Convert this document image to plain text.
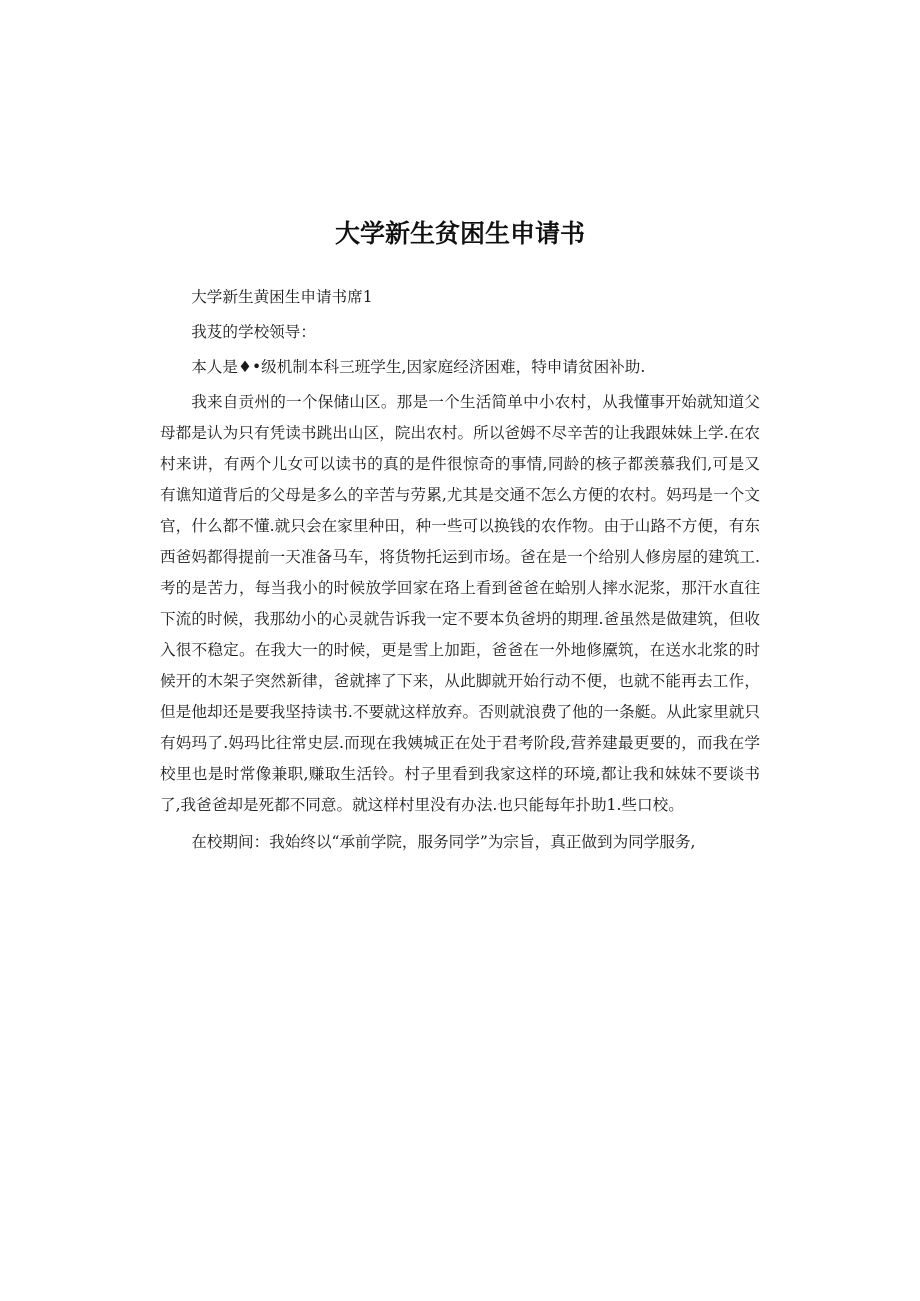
大学新生贫困生申请书

大学新生黄困生申请书席1

我芨的学校领导：

本人是♦•级机制本科三班学生,因家庭经济困难，特申请贫困补助.

我来自贡州的一个保储山区。那是一个生活简单中小农村，从我懂事开始就知道父母都是认为只有凭读书跳出山区，院出农村。所以爸姆不尽辛苦的让我跟妹妹上学.在农村来讲，有两个儿女可以读书的真的是件很惊奇的事情,同龄的核子都羡慕我们,可是又有谯知道背后的父母是多么的辛苦与劳累,尤其是交通不怎么方便的农村。妈玛是一个文官，什么都不懂.就只会在家里种田，种一些可以换钱的农作物。由于山路不方便，有东西爸妈都得提前一天准备马车，将货物托运到市场。爸在是一个给别人修房屋的建筑工.考的是苦力，每当我小的时候放学回家在珞上看到爸爸在蛤别人摔水泥浆，那汗水直往下流的时候，我那幼小的心灵就告诉我一定不要本负爸坍的期理.爸虽然是做建筑，但收入很不稳定。在我大一的时候，更是雪上加距，爸爸在一外地修黡筑，在送水北浆的时候开的木架子突然新律，爸就摔了下来，从此脚就开始行动不便，也就不能再去工作，但是他却还是要我坚持读书.不要就这样放弃。否则就浪费了他的一条艇。从此家里就只有妈玛了.妈玛比往常史层.而现在我姨城正在处于君考阶段,营养建最更要的，而我在学校里也是时常像兼职,赚取生活铃。村子里看到我家这样的环境,都让我和妹妹不要谈书了,我爸爸却是死都不同意。就这样村里没有办法.也只能每年扑助1.些口校。

在校期间：我始终以“承前学院，服务同学”为宗旨，真正做到为同学服务,
